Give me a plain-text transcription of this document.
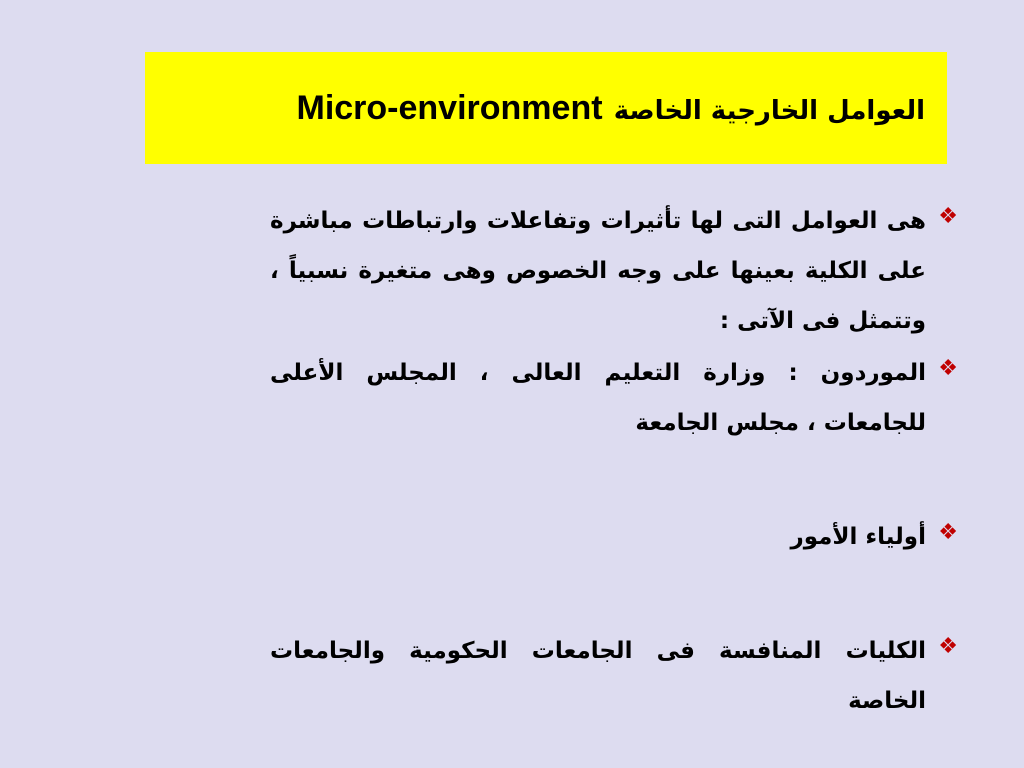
العوامل الخارجية الخاصة Micro-environment
❖
هى العوامل التى لها تأثيرات وتفاعلات وارتباطات مباشرة على الكلية بعينها على وجه الخصوص وهى متغيرة نسبياً ، وتتمثل فى الآتى :
❖
الموردون : وزارة التعليم العالى ، المجلس الأعلى للجامعات ، مجلس الجامعة
❖
أولياء الأمور
❖
الكليات المنافسة فى الجامعات الحكومية والجامعات الخاصة
